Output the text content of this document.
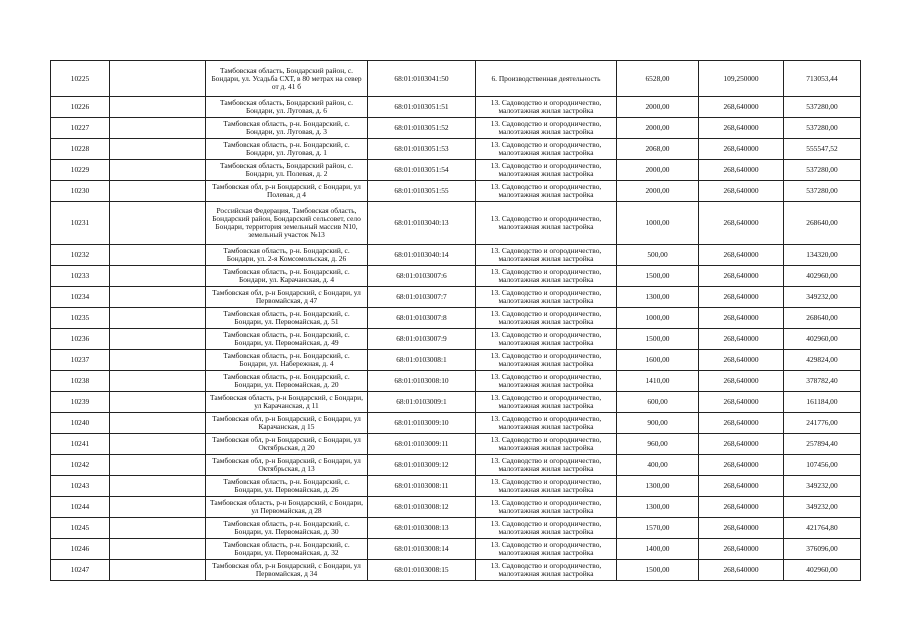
10225		Тамбовская область, Бондарский район, с. Бондари, ул. Усадьба СХТ, в 80 метрах на север от д. 41 б	68:01:0103041:50	6. Производственная деятельность	6528,00	109,250000	713053,44
10226		Тамбовская область, Бондарский район, с. Бондари, ул. Луговая, д. 6	68:01:0103051:51	13. Садоводство и огородничество, малоэтажная жилая застройка	2000,00	268,640000	537280,00
10227		Тамбовская область, р-н. Бондарский, с. Бондари, ул. Луговая, д. 3	68:01:0103051:52	13. Садоводство и огородничество, малоэтажная жилая застройка	2000,00	268,640000	537280,00
10228		Тамбовская область, р-н. Бондарский, с. Бондари, ул. Луговая, д. 1	68:01:0103051:53	13. Садоводство и огородничество, малоэтажная жилая застройка	2068,00	268,640000	555547,52
10229		Тамбовская область, Бондарский район, с. Бондари, ул. Полевая, д. 2	68:01:0103051:54	13. Садоводство и огородничество, малоэтажная жилая застройка	2000,00	268,640000	537280,00
10230		Тамбовская обл, р-н Бондарский, с Бондари, ул Полевая, д 4	68:01:0103051:55	13. Садоводство и огородничество, малоэтажная жилая застройка	2000,00	268,640000	537280,00
10231		Российская Федерация, Тамбовская область, Бондарский район, Бондарский сельсовет, село Бондари, территория земельный массив N10, земельный участок №13	68:01:0103040:13	13. Садоводство и огородничество, малоэтажная жилая застройка	1000,00	268,640000	268640,00
10232		Тамбовская область, р-н. Бондарский, с. Бондари, ул. 2-я Комсомольская, д. 26	68:01:0103040:14	13. Садоводство и огородничество, малоэтажная жилая застройка	500,00	268,640000	134320,00
10233		Тамбовская область, р-н. Бондарский, с. Бондари, ул. Карачанская, д. 4	68:01:0103007:6	13. Садоводство и огородничество, малоэтажная жилая застройка	1500,00	268,640000	402960,00
10234		Тамбовская обл, р-н Бондарский, с Бондари, ул Первомайская, д 47	68:01:0103007:7	13. Садоводство и огородничество, малоэтажная жилая застройка	1300,00	268,640000	349232,00
10235		Тамбовская область, р-н. Бондарский, с. Бондари, ул. Первомайская, д. 51	68:01:0103007:8	13. Садоводство и огородничество, малоэтажная жилая застройка	1000,00	268,640000	268640,00
10236		Тамбовская область, р-н. Бондарский, с. Бондари, ул. Первомайская, д. 49	68:01:0103007:9	13. Садоводство и огородничество, малоэтажная жилая застройка	1500,00	268,640000	402960,00
10237		Тамбовская область, р-н. Бондарский, с. Бондари, ул. Набережная, д. 4	68:01:0103008:1	13. Садоводство и огородничество, малоэтажная жилая застройка	1600,00	268,640000	429824,00
10238		Тамбовская область, р-н. Бондарский, с. Бондари, ул. Первомайская, д. 20	68:01:0103008:10	13. Садоводство и огородничество, малоэтажная жилая застройка	1410,00	268,640000	378782,40
10239		Тамбовская область, р-н Бондарский, с Бондари, ул Карачанская, д 11	68:01:0103009:1	13. Садоводство и огородничество, малоэтажная жилая застройка	600,00	268,640000	161184,00
10240		Тамбовская обл, р-н Бондарский, с Бондари, ул Карачанская, д 15	68:01:0103009:10	13. Садоводство и огородничество, малоэтажная жилая застройка	900,00	268,640000	241776,00
10241		Тамбовская обл, р-н Бондарский, с Бондари, ул Октябрьская, д 20	68:01:0103009:11	13. Садоводство и огородничество, малоэтажная жилая застройка	960,00	268,640000	257894,40
10242		Тамбовская обл, р-н Бондарский, с Бондари, ул Октябрьская, д 13	68:01:0103009:12	13. Садоводство и огородничество, малоэтажная жилая застройка	400,00	268,640000	107456,00
10243		Тамбовская область, р-н. Бондарский, с. Бондари, ул. Первомайская, д. 26	68:01:0103008:11	13. Садоводство и огородничество, малоэтажная жилая застройка	1300,00	268,640000	349232,00
10244		Тамбовская область, р-н Бондарский, с Бондари, ул Первомайская, д 28	68:01:0103008:12	13. Садоводство и огородничество, малоэтажная жилая застройка	1300,00	268,640000	349232,00
10245		Тамбовская область, р-н. Бондарский, с. Бондари, ул. Первомайская, д. 30	68:01:0103008:13	13. Садоводство и огородничество, малоэтажная жилая застройка	1570,00	268,640000	421764,80
10246		Тамбовская область, р-н. Бондарский, с. Бондари, ул. Первомайская, д. 32	68:01:0103008:14	13. Садоводство и огородничество, малоэтажная жилая застройка	1400,00	268,640000	376096,00
10247		Тамбовская обл, р-н Бондарский, с Бондари, ул Первомайская, д 34	68:01:0103008:15	13. Садоводство и огородничество, малоэтажная жилая застройка	1500,00	268,640000	402960,00
